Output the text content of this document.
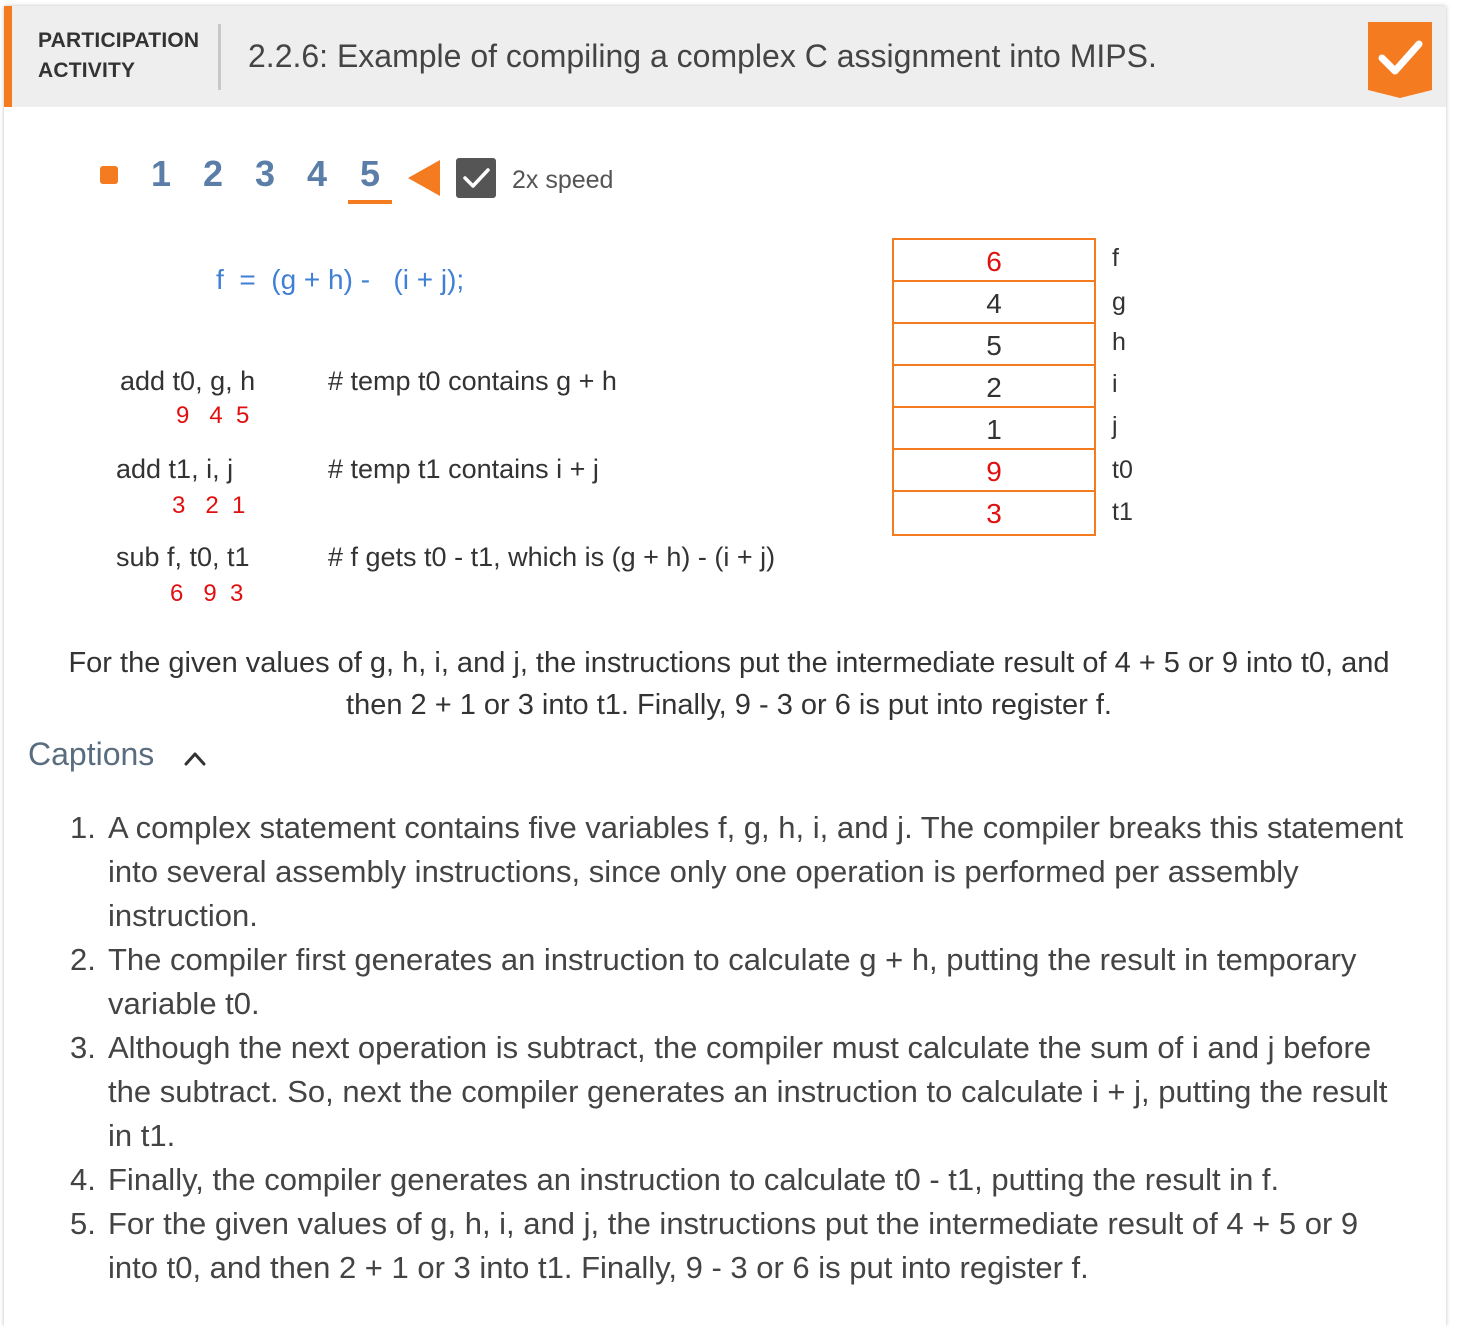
PARTICIPATION
ACTIVITY	2.2.6: Example of compiling a complex C assignment into MIPS.
1 2 3 4 5	2x speed
f  =  (g + h) -   (i + j);
add t0, g, h
9   4  5
# temp t0 contains g + h
add t1, i, j
3   2  1
# temp t1 contains i + j
sub f, t0, t1
6   9  3
# f gets t0 - t1, which is (g + h) - (i + j)
6
4
5
2
1
9
3
f
g
h
i
j
t0
t1
For the given values of g, h, i, and j, the instructions put the intermediate result of 4 + 5 or 9 into t0, and then 2 + 1 or 3 into t1. Finally, 9 - 3 or 6 is put into register f.
Captions
1. A complex statement contains five variables f, g, h, i, and j. The compiler breaks this statement into several assembly instructions, since only one operation is performed per assembly instruction.
2. The compiler first generates an instruction to calculate g + h, putting the result in temporary variable t0.
3. Although the next operation is subtract, the compiler must calculate the sum of i and j before the subtract. So, next the compiler generates an instruction to calculate i + j, putting the result in t1.
4. Finally, the compiler generates an instruction to calculate t0 - t1, putting the result in f.
5. For the given values of g, h, i, and j, the instructions put the intermediate result of 4 + 5 or 9 into t0, and then 2 + 1 or 3 into t1. Finally, 9 - 3 or 6 is put into register f.
